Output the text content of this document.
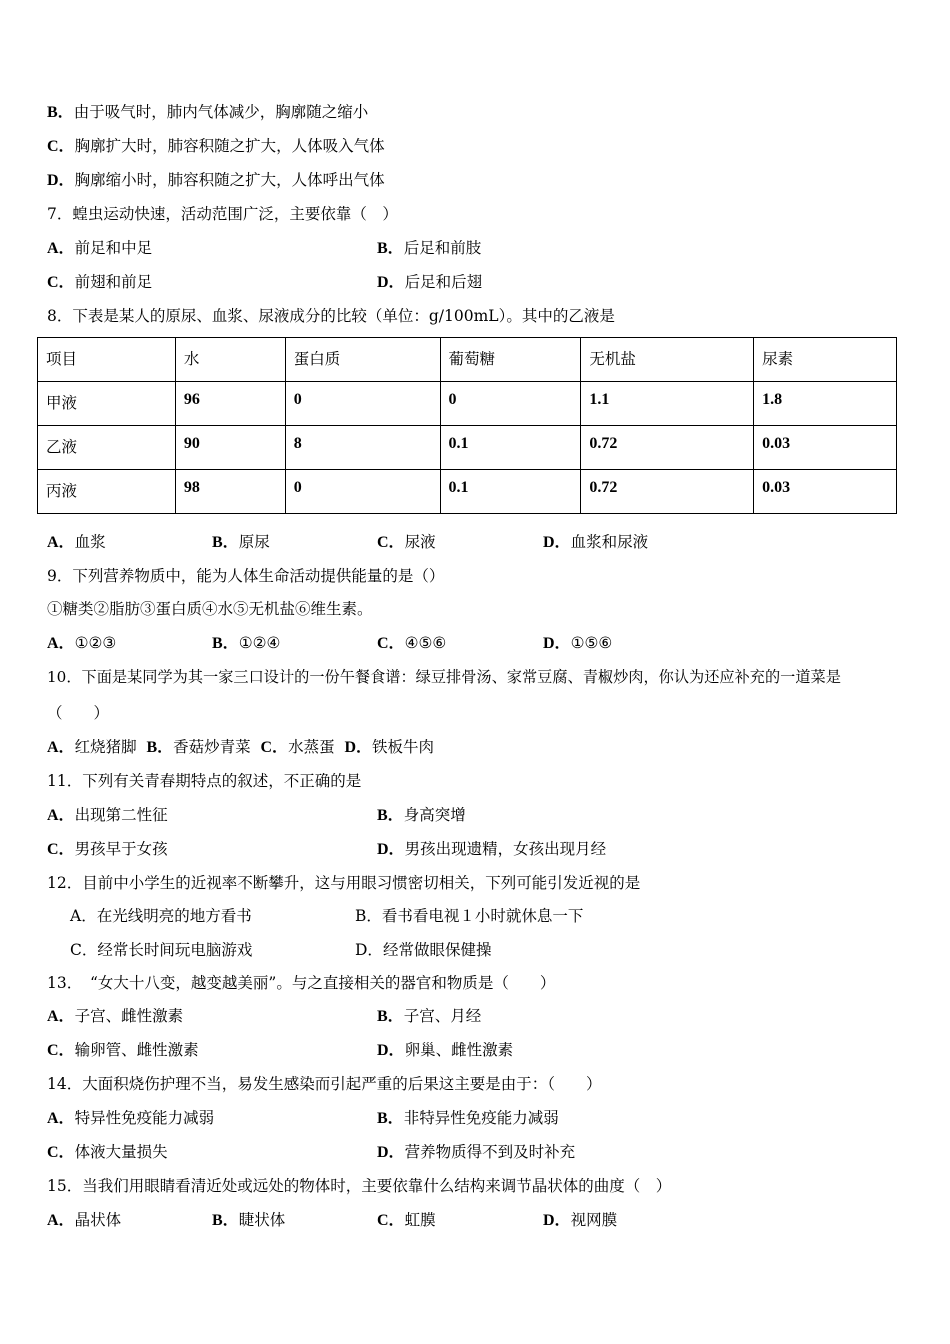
B．由于吸气时，肺内气体减少，胸廓随之缩小
C．胸廓扩大时，肺容积随之扩大，人体吸入气体
D．胸廓缩小时，肺容积随之扩大，人体呼出气体
7．蝗虫运动快速，活动范围广泛，主要依靠（　）
A．前足和中足	B．后足和前肢
C．前翅和前足	D．后足和后翅
8．下表是某人的原尿、血浆、尿液成分的比较（单位：g/100mL）。其中的乙液是
项目	水	蛋白质	葡萄糖	无机盐	尿素
甲液	96	0	0	1.1	1.8
乙液	90	8	0.1	0.72	0.03
丙液	98	0	0.1	0.72	0.03
A．血浆	B．原尿	C．尿液	D．血浆和尿液
9．下列营养物质中，能为人体生命活动提供能量的是（）
①糖类②脂肪③蛋白质④水⑤无机盐⑥维生素。
A．①②③	B．①②④	C．④⑤⑥	D．①⑤⑥
10．下面是某同学为其一家三口设计的一份午餐食谱：绿豆排骨汤、家常豆腐、青椒炒肉，你认为还应补充的一道菜是
（　　）
A．红烧猪脚 B．香菇炒青菜 C．水蒸蛋 D．铁板牛肉
11．下列有关青春期特点的叙述，不正确的是
A．出现第二性征	B．身高突增
C．男孩早于女孩	D．男孩出现遗精，女孩出现月经
12．目前中小学生的近视率不断攀升，这与用眼习惯密切相关，下列可能引发近视的是
A．在光线明亮的地方看书	B．看书看电视１小时就休息一下
C．经常长时间玩电脑游戏	D．经常做眼保健操
13．　“女大十八变，越变越美丽”。与之直接相关的器官和物质是（　　）
A．子宫、雌性激素	B．子宫、月经
C．输卵管、雌性激素	D．卵巢、雌性激素
14．大面积烧伤护理不当，易发生感染而引起严重的后果这主要是由于：（　　）
A．特异性免疫能力减弱	B．非特异性免疫能力减弱
C．体液大量损失	D．营养物质得不到及时补充
15．当我们用眼睛看清近处或远处的物体时，主要依靠什么结构来调节晶状体的曲度（　）
A．晶状体	B．睫状体	C．虹膜	D．视网膜
